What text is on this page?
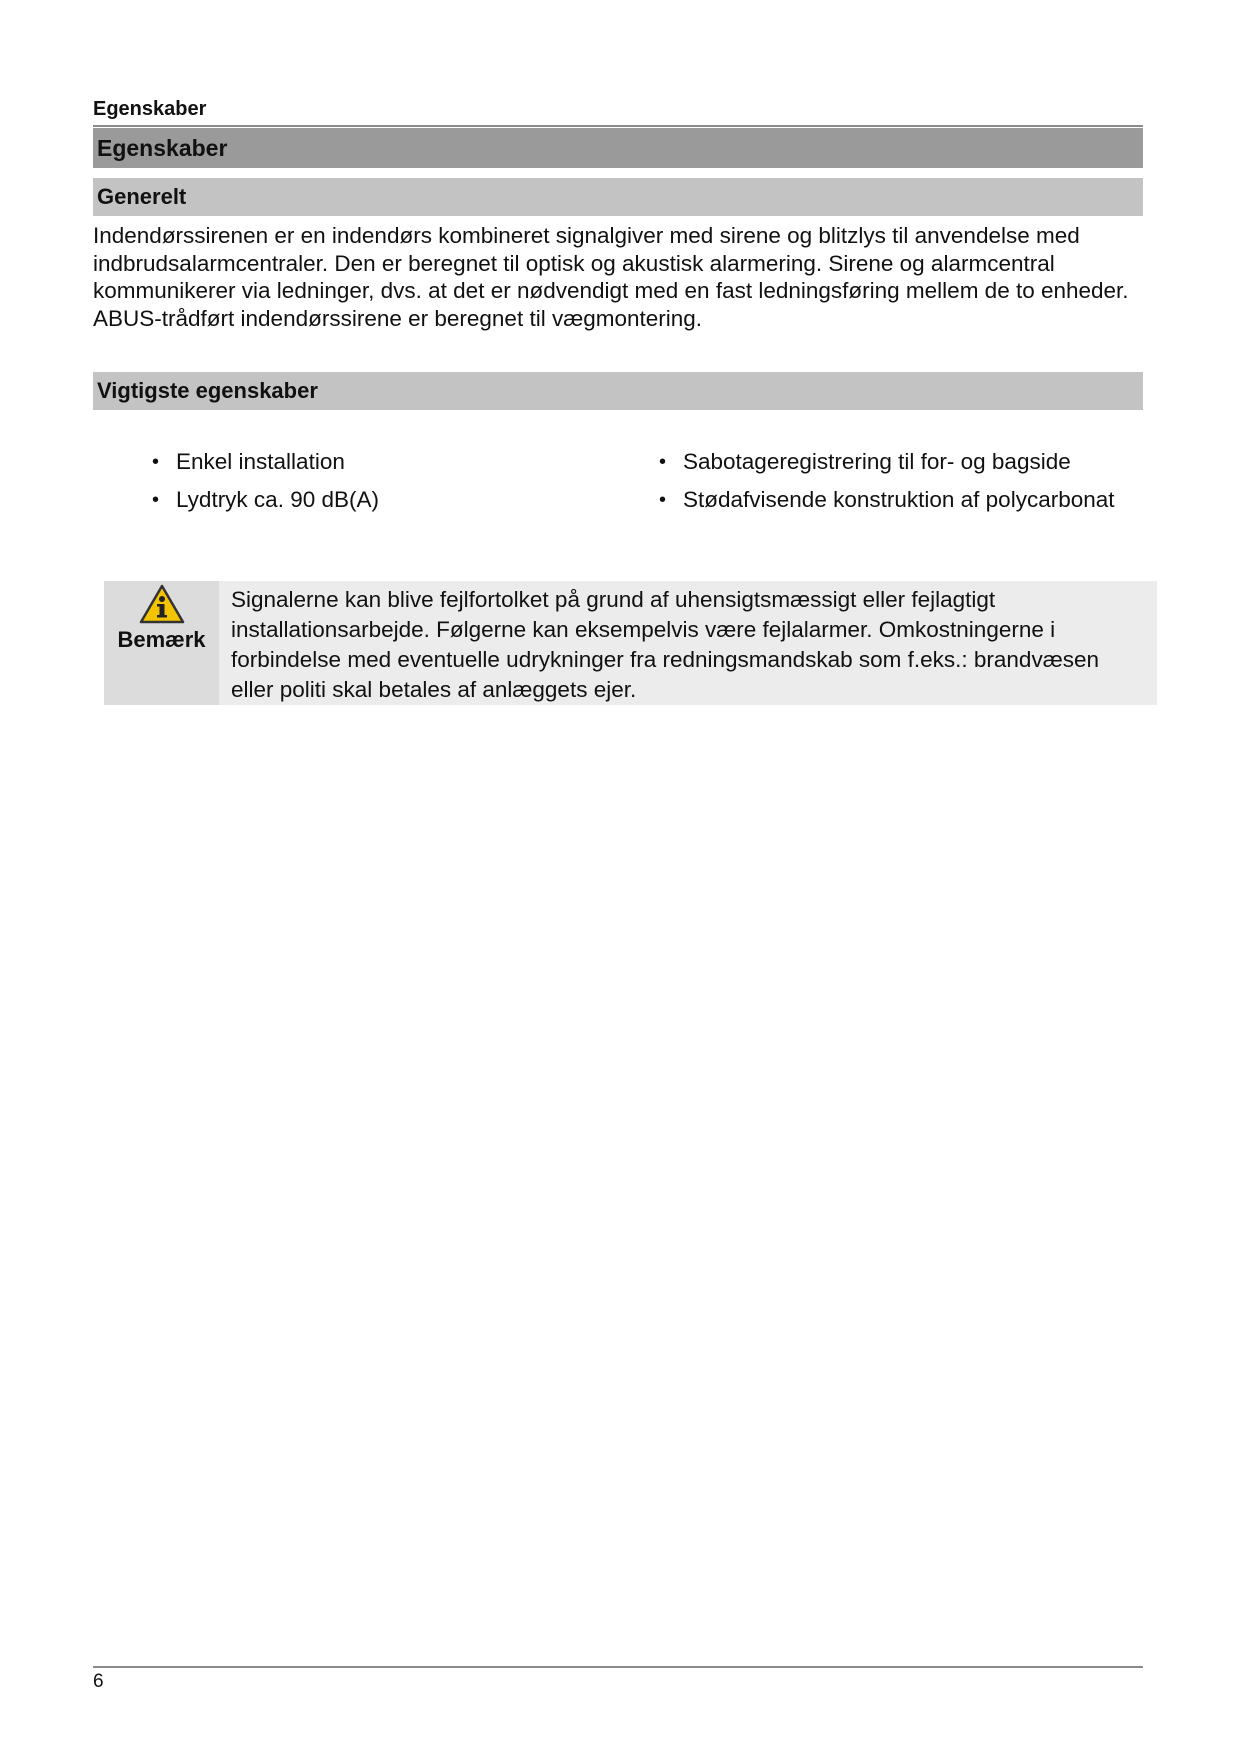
Egenskaber
Egenskaber
Generelt

Indendørssirenen er en indendørs kombineret signalgiver med sirene og blitzlys til anvendelse med indbrudsalarmcentraler. Den er beregnet til optisk og akustisk alarmering. Sirene og alarmcentral kommunikerer via ledninger, dvs. at det er nødvendigt med en fast ledningsføring mellem de to enheder. ABUS-trådført indendørssirene er beregnet til vægmontering.

Vigtigste egenskaber
• Enkel installation
• Lydtryk ca. 90 dB(A)
• Sabotageregistrering til for- og bagside
• Stødafvisende konstruktion af polycarbonat
Bemærk

Signalerne kan blive fejlfortolket på grund af uhensigtsmæssigt eller fejlagtigt installationsarbejde. Følgerne kan eksempelvis være fejlalarmer. Omkostningerne i forbindelse med eventuelle udrykninger fra redningsmandskab som f.eks.: brandvæsen eller politi skal betales af anlæggets ejer.

6
